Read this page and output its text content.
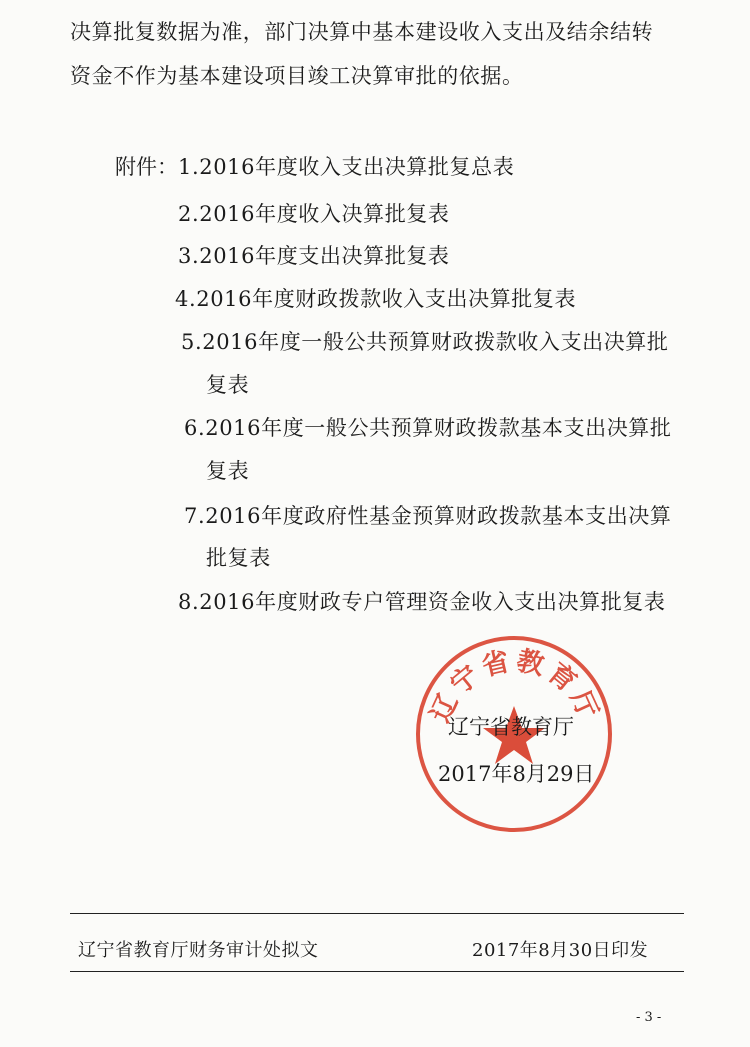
决算批复数据为准，部门决算中基本建设收入支出及结余结转
资金不作为基本建设项目竣工决算审批的依据。
附件： 1.2016年度收入支出决算批复总表
2.2016年度收入决算批复表
3.2016年度支出决算批复表
4.2016年度财政拨款收入支出决算批复表
5.2016年度一般公共预算财政拨款收入支出决算批
复表
6.2016年度一般公共预算财政拨款基本支出决算批
复表
7.2016年度政府性基金预算财政拨款基本支出决算
批复表
8.2016年度财政专户管理资金收入支出决算批复表
辽宁省教育厅
辽宁省教育厅
2017年8月29日
辽宁省教育厅财务审计处拟文	2017年8月30日印发
- 3 -
